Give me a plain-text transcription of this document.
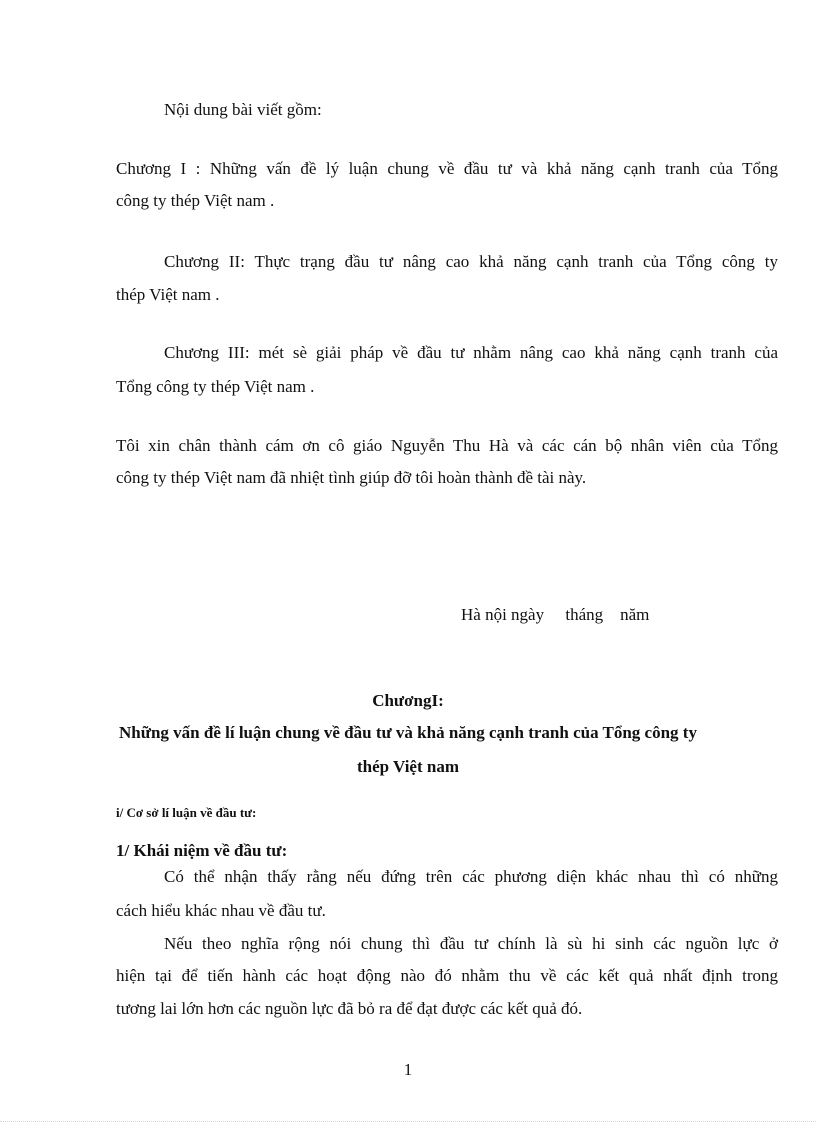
Nội dung bài viết gồm:
Chương I : Những vấn đề lý luận chung về đầu tư và khả năng cạnh tranh của Tổng
công ty thép Việt nam .
Chương II: Thực trạng đầu tư nâng cao khả năng cạnh tranh của Tổng công ty
thép Việt nam .
Chương III: mét sè giải pháp về đầu tư nhằm nâng cao khả năng cạnh tranh của
Tổng công ty thép Việt nam .
Tôi xin chân thành cám ơn cô giáo Nguyễn Thu Hà và các cán bộ nhân viên của Tổng
công ty thép Việt nam đã nhiệt tình giúp đỡ tôi hoàn thành đề tài này.
Hà nội ngày     tháng    năm
ChươngI:
Những vấn đề lí luận chung về đầu tư và khả năng cạnh tranh của Tổng công ty
thép Việt nam
i/ Cơ sở lí luận về đầu tư:
1/ Khái niệm về đầu tư:
Có thể nhận thấy rằng nếu đứng trên các phương diện khác nhau thì có những
cách hiểu khác nhau về đầu tư.
Nếu theo nghĩa rộng nói chung thì đầu tư chính là sù hi sinh các nguồn lực ở
hiện tại để tiến hành các hoạt động nào đó nhằm thu về các kết quả nhất định trong
tương lai lớn hơn các nguồn lực đã bỏ ra để đạt được các kết quả đó.
1
